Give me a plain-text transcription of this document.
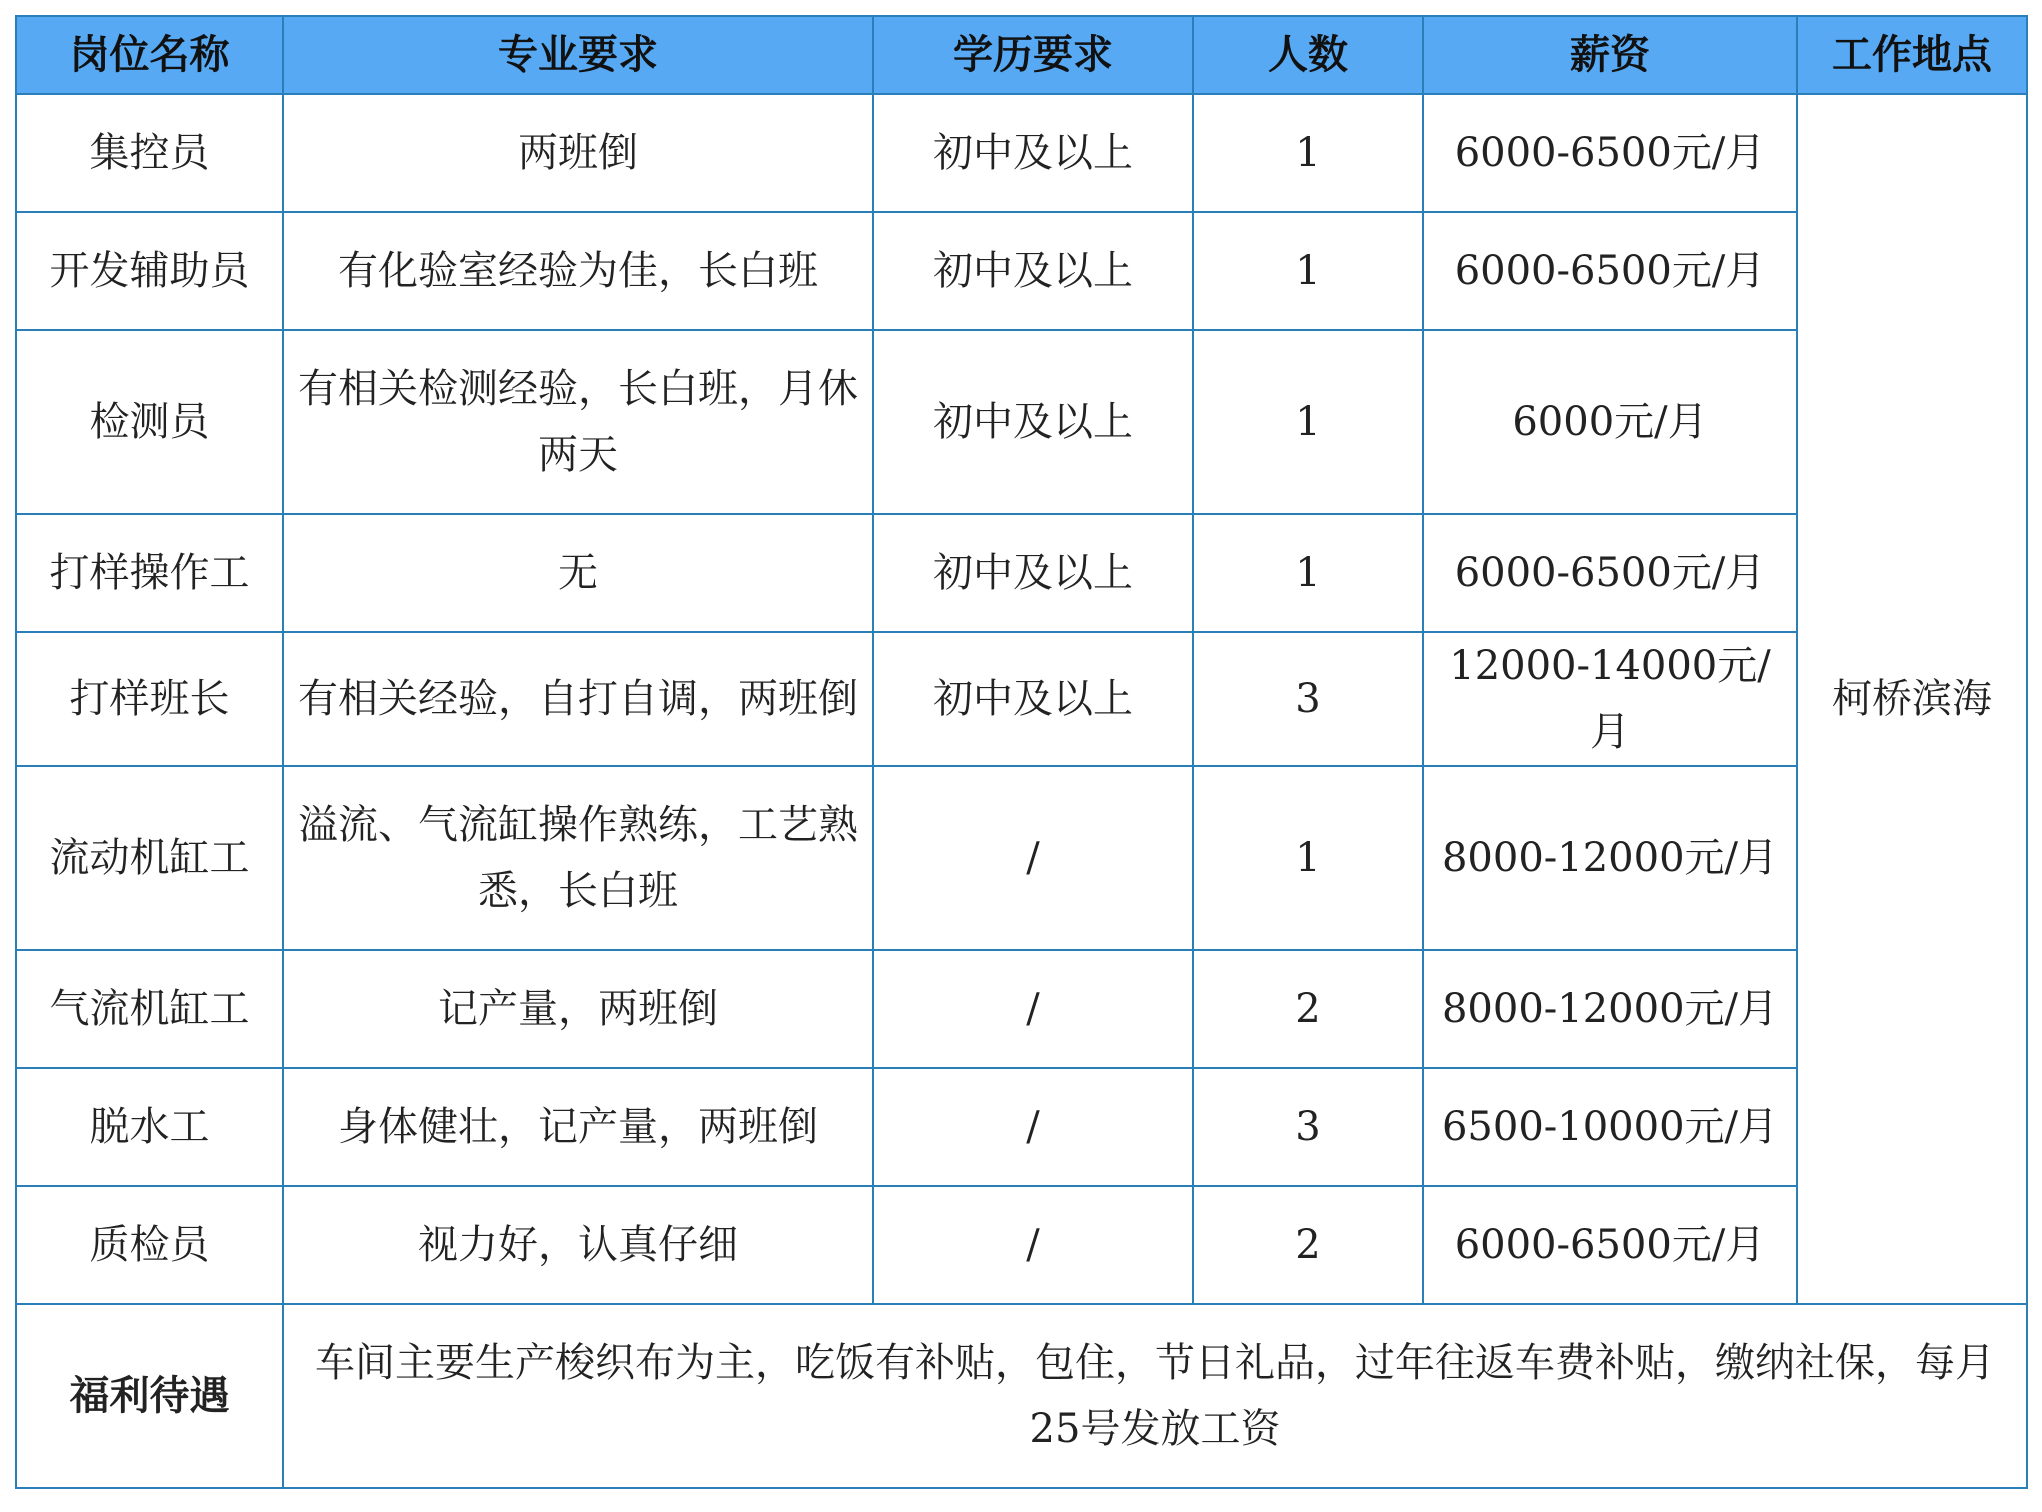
岗位名称	专业要求	学历要求	人数	薪资	工作地点
集控员	两班倒	初中及以上	1	6000-6500元/月	柯桥滨海
开发辅助员	有化验室经验为佳，长白班	初中及以上	1	6000-6500元/月	
检测员	有相关检测经验，长白班，月休两天	初中及以上	1	6000元/月	
打样操作工	无	初中及以上	1	6000-6500元/月	
打样班长	有相关经验，自打自调，两班倒	初中及以上	3	12000-14000元/月	
流动机缸工	溢流、气流缸操作熟练，工艺熟悉，长白班	/	1	8000-12000元/月	
气流机缸工	记产量，两班倒	/	2	8000-12000元/月	
脱水工	身体健壮，记产量，两班倒	/	3	6500-10000元/月	
质检员	视力好，认真仔细	/	2	6000-6500元/月	
福利待遇	车间主要生产梭织布为主，吃饭有补贴，包住，节日礼品，过年往返车费补贴，缴纳社保，每月25号发放工资				
